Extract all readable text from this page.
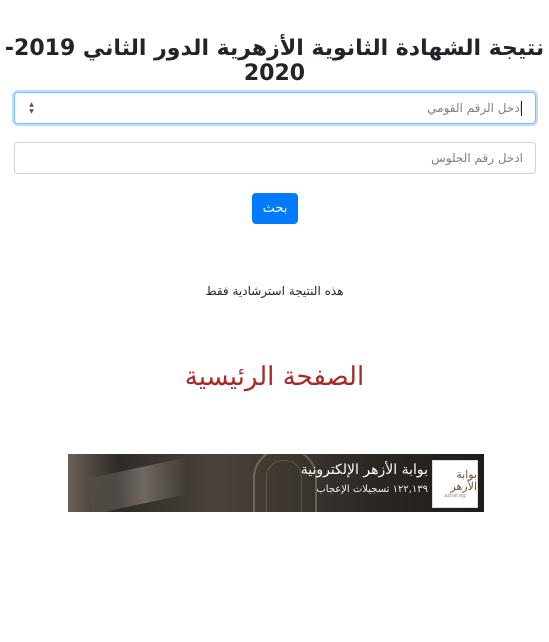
نتيجة الشهادة الثانوية الأزهرية الدور الثاني 2019-2020
▲
▼
ادخل الرقم القومي
ادخل رقم الجلوس
بحث
هذه النتيجة استرشادية فقط
الصفحة الرئيسية
بوابة الأزهر
azhar.eg
بوابة الأزهر الإلكترونية
١٢٢,١٣٩ تسجيلات الإعجاب
